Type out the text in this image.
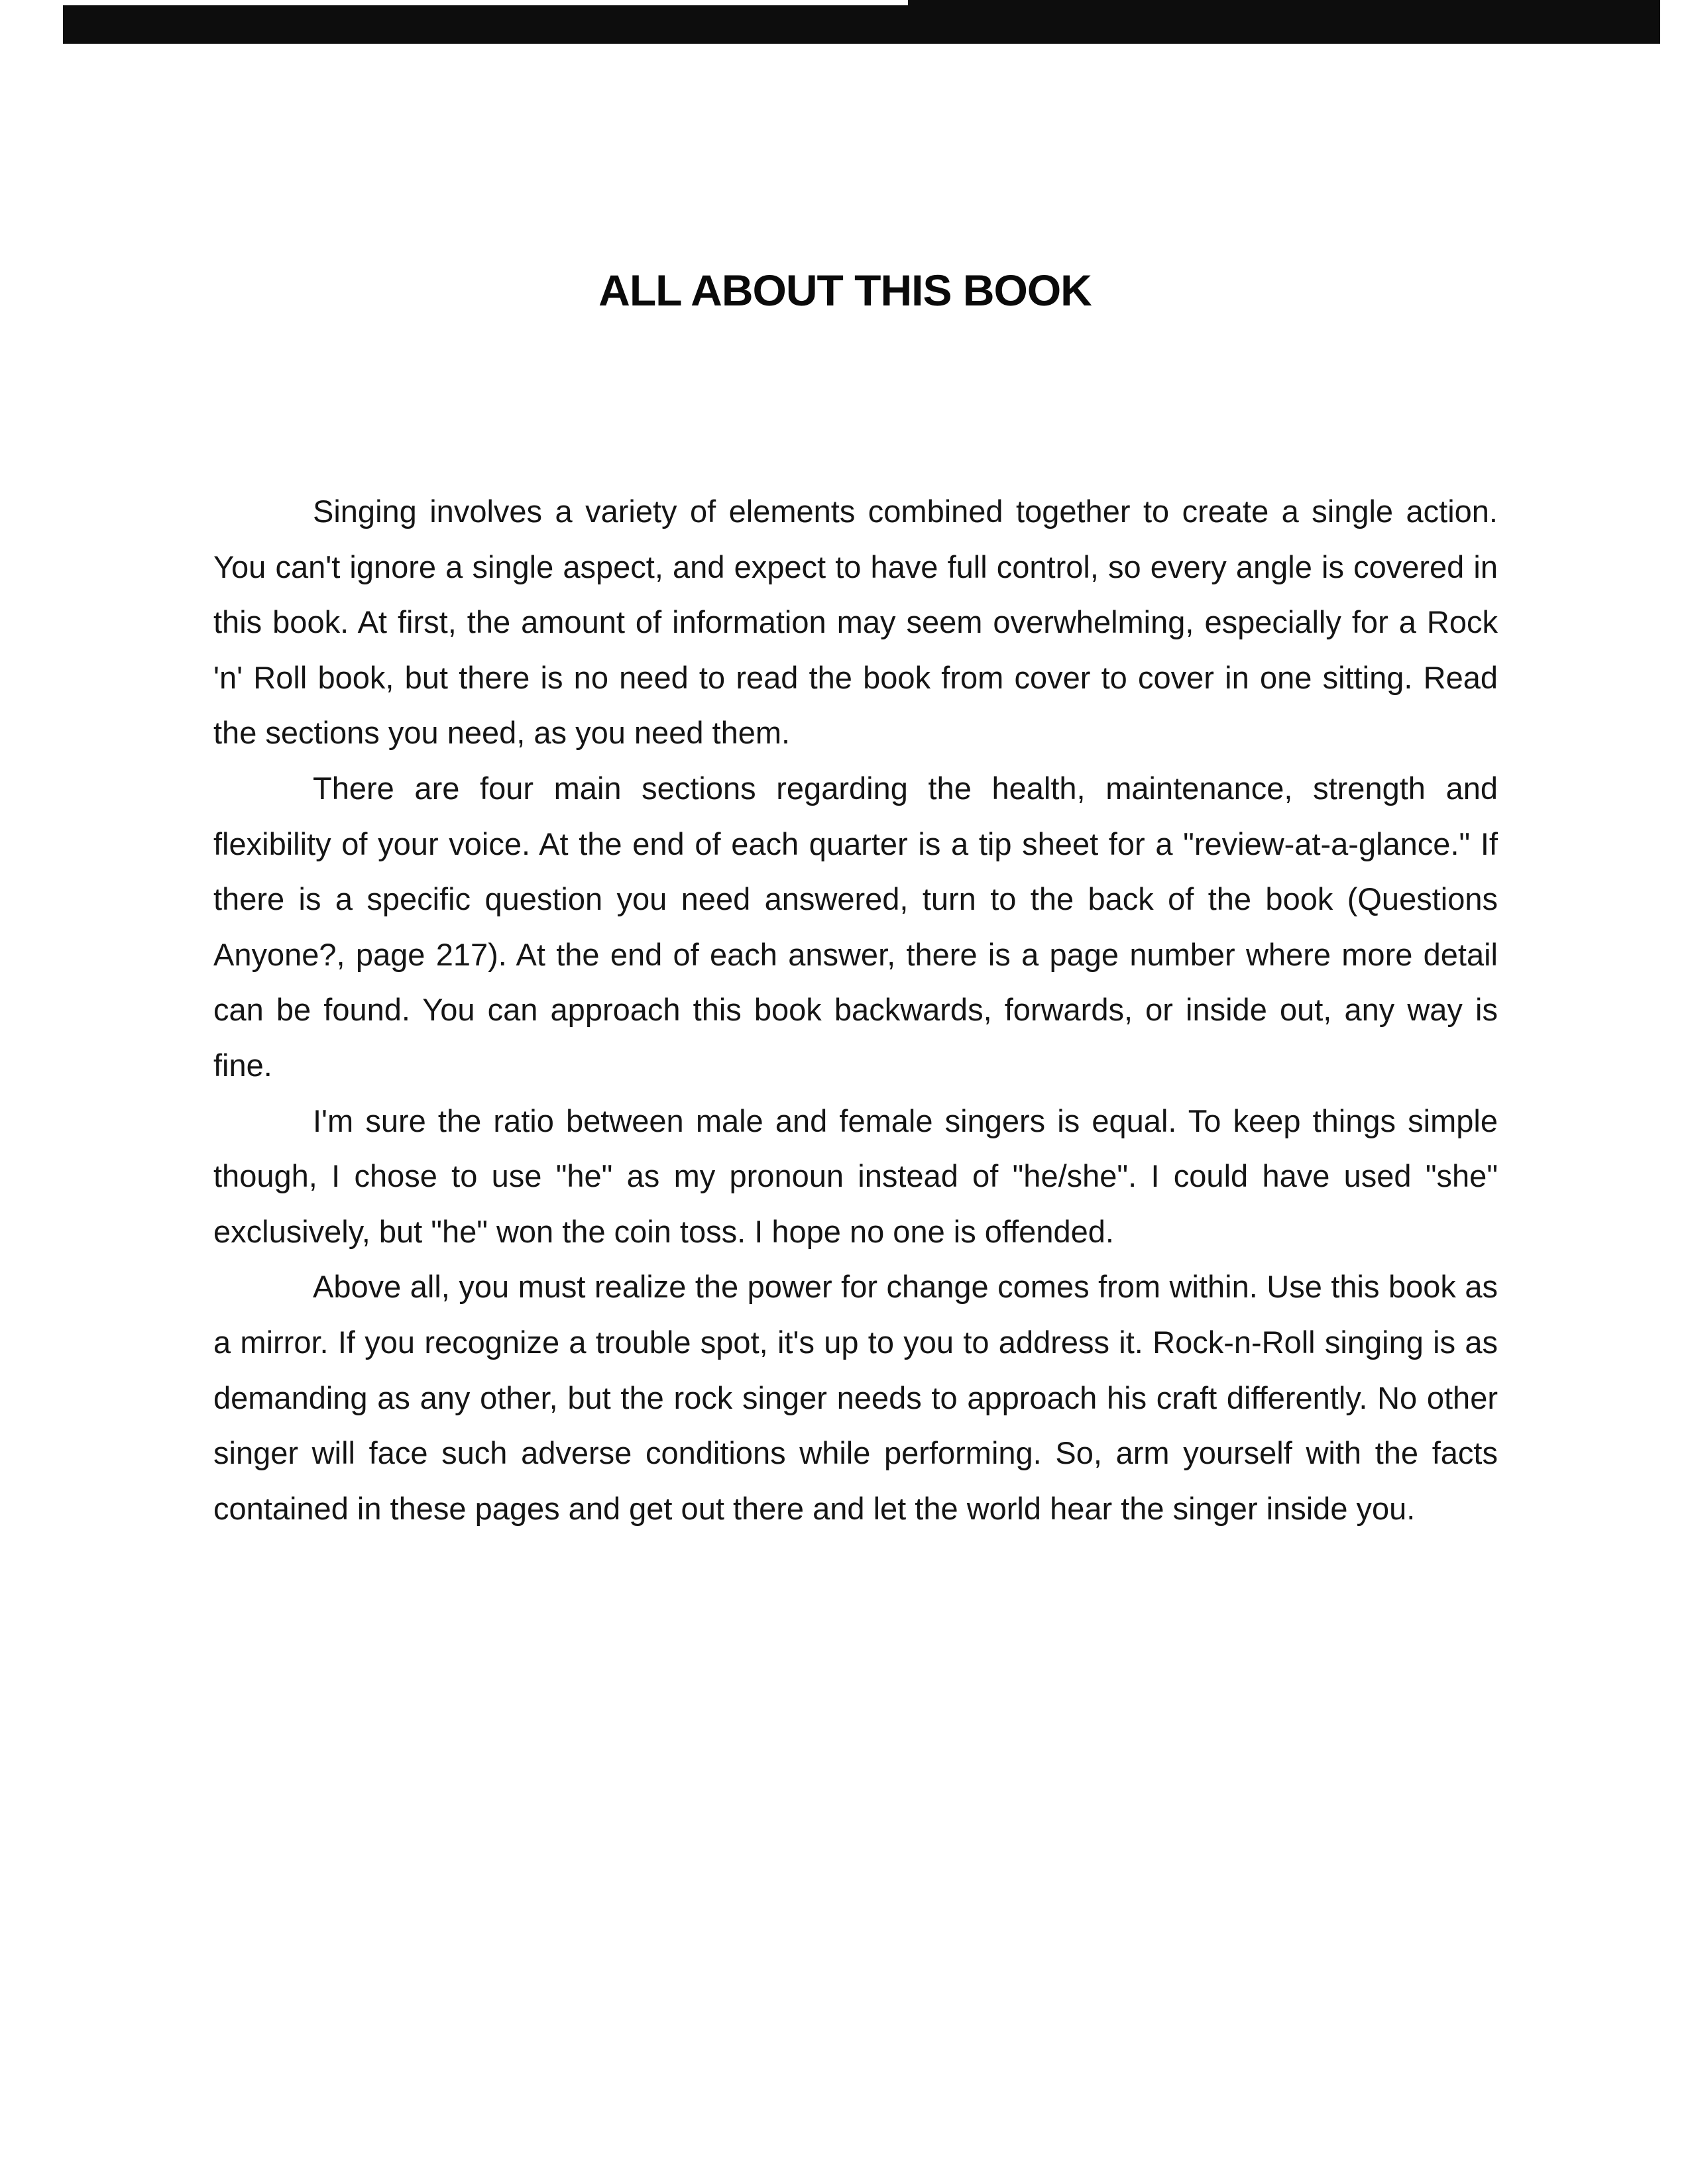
ALL ABOUT THIS BOOK

Singing involves a variety of elements combined together to create a single action. You can't ignore a single aspect, and expect to have full control, so every angle is covered in this book. At first, the amount of information may seem overwhelming, especially for a Rock 'n' Roll book, but there is no need to read the book from cover to cover in one sitting. Read the sections you need, as you need them.

There are four main sections regarding the health, maintenance, strength and flexibility of your voice. At the end of each quarter is a tip sheet for a "review-at-a-glance." If there is a specific question you need answered, turn to the back of the book (Questions Anyone?, page 217). At the end of each answer, there is a page number where more detail can be found. You can approach this book backwards, forwards, or inside out, any way is fine.

I'm sure the ratio between male and female singers is equal. To keep things simple though, I chose to use "he" as my pronoun instead of "he/she". I could have used "she" exclusively, but "he" won the coin toss. I hope no one is offended.

Above all, you must realize the power for change comes from within. Use this book as a mirror. If you recognize a trouble spot, it's up to you to address it. Rock-n-Roll singing is as demanding as any other, but the rock singer needs to approach his craft differently. No other singer will face such adverse conditions while performing. So, arm yourself with the facts contained in these pages and get out there and let the world hear the singer inside you.
